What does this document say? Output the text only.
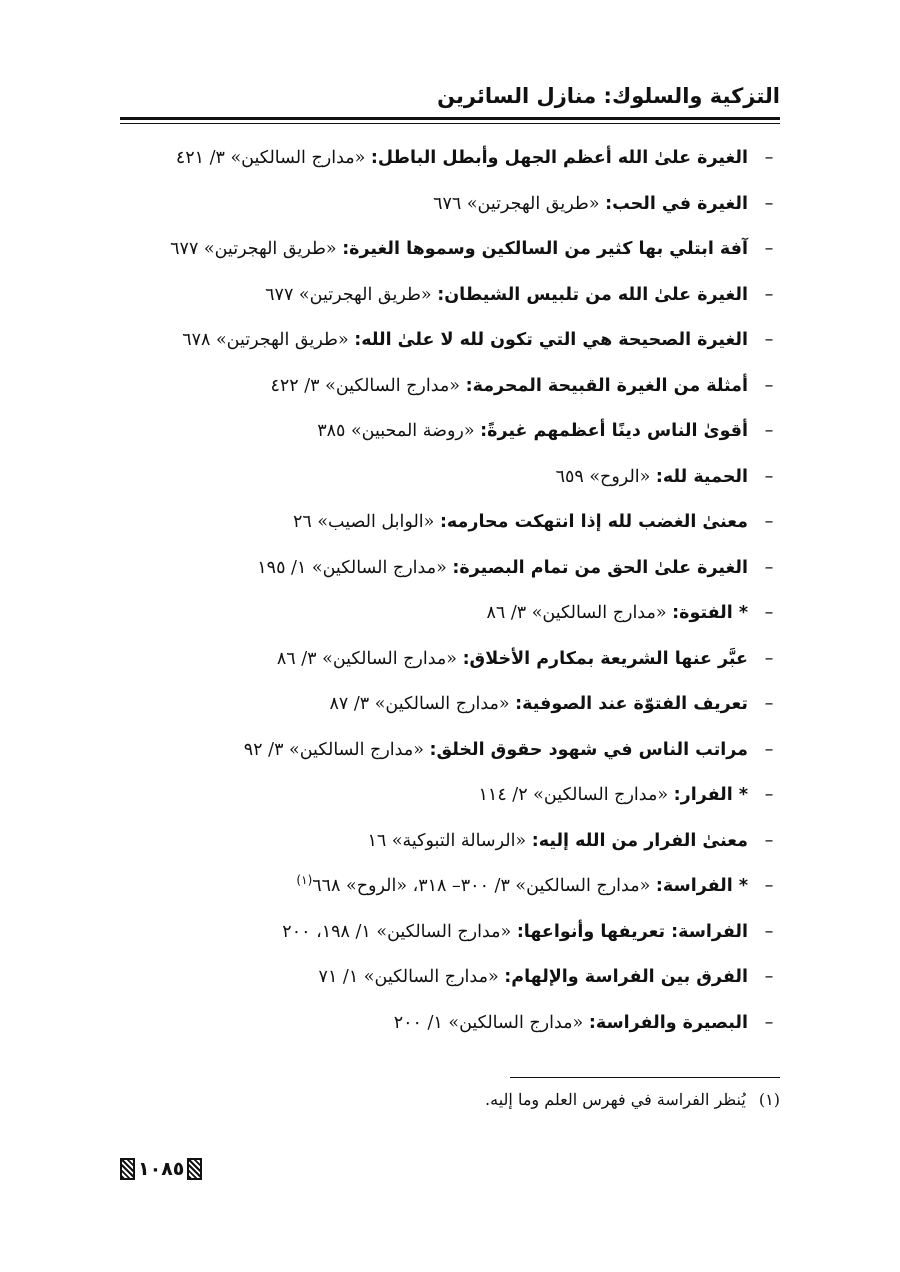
التزكية والسلوك: منازل السائرين
–الغيرة علىٰ الله أعظم الجهل وأبطل الباطل: «مدارج السالكين» ٣/ ٤٢١
–الغيرة في الحب: «طريق الهجرتين» ٦٧٦
–آفة ابتلي بها كثير من السالكين وسموها الغيرة: «طريق الهجرتين» ٦٧٧
–الغيرة علىٰ الله من تلبيس الشيطان: «طريق الهجرتين» ٦٧٧
–الغيرة الصحيحة هي التي تكون لله لا علىٰ الله: «طريق الهجرتين» ٦٧٨
–أمثلة من الغيرة القبيحة المحرمة: «مدارج السالكين» ٣/ ٤٢٢
–أقوىٰ الناس دينًا أعظمهم غيرةً: «روضة المحبين» ٣٨٥
–الحمية لله: «الروح» ٦٥٩
–معنىٰ الغضب لله إذا انتهكت محارمه: «الوابل الصيب» ٢٦
–الغيرة علىٰ الحق من تمام البصيرة: «مدارج السالكين» ١/ ١٩٥
–* الفتوة: «مدارج السالكين» ٣/ ٨٦
–عبَّر عنها الشريعة بمكارم الأخلاق: «مدارج السالكين» ٣/ ٨٦
–تعريف الفتوّة عند الصوفية: «مدارج السالكين» ٣/ ٨٧
–مراتب الناس في شهود حقوق الخلق: «مدارج السالكين» ٣/ ٩٢
–* الفرار: «مدارج السالكين» ٢/ ١١٤
–معنىٰ الفرار من الله إليه: «الرسالة التبوكية» ١٦
–* الفراسة: «مدارج السالكين» ٣/ ٣٠٠– ٣١٨، «الروح» ٦٦٨$^{(١)}$
–الفراسة: تعريفها وأنواعها: «مدارج السالكين» ١/ ١٩٨، ٢٠٠
–الفرق بين الفراسة والإلهام: «مدارج السالكين» ١/ ٧١
–البصيرة والفراسة: «مدارج السالكين» ١/ ٢٠٠
(١) يُنظر الفراسة في فهرس العلم وما إليه.
١٠٨٥
